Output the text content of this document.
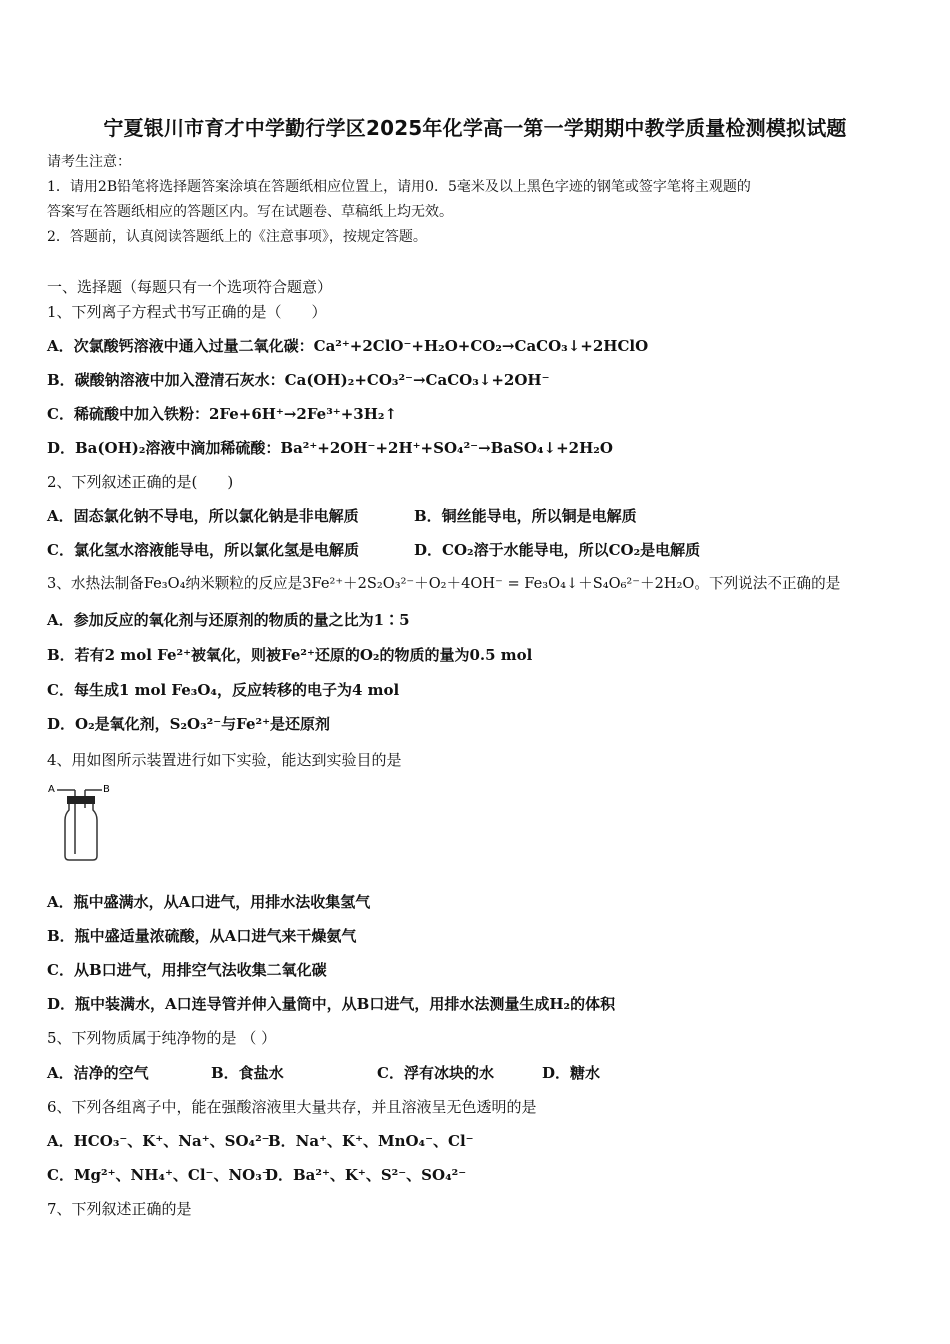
宁夏银川市育才中学勤行学区2025年化学高一第一学期期中教学质量检测模拟试题
请考生注意：
1．请用2B铅笔将选择题答案涂填在答题纸相应位置上，请用0．5毫米及以上黑色字迹的钢笔或签字笔将主观题的
答案写在答题纸相应的答题区内。写在试题卷、草稿纸上均无效。
2．答题前，认真阅读答题纸上的《注意事项》，按规定答题。
一、选择题（每题只有一个选项符合题意）
1、下列离子方程式书写正确的是（　　）
A．次氯酸钙溶液中通入过量二氧化碳：Ca²⁺+2ClO⁻+H₂O+CO₂→CaCO₃↓+2HClO
B．碳酸钠溶液中加入澄清石灰水：Ca(OH)₂+CO₃²⁻→CaCO₃↓+2OH⁻
C．稀硫酸中加入铁粉：2Fe+6H⁺→2Fe³⁺+3H₂↑
D．Ba(OH)₂溶液中滴加稀硫酸：Ba²⁺+2OH⁻+2H⁺+SO₄²⁻→BaSO₄↓+2H₂O
2、下列叙述正确的是(　　)
A．固态氯化钠不导电，所以氯化钠是非电解质	B．铜丝能导电，所以铜是电解质
C．氯化氢水溶液能导电，所以氯化氢是电解质	D．CO₂溶于水能导电，所以CO₂是电解质
3、水热法制备Fe₃O₄纳米颗粒的反应是3Fe²⁺＋2S₂O₃²⁻＋O₂＋4OH⁻ = Fe₃O₄↓＋S₄O₆²⁻＋2H₂O。下列说法不正确的是
A．参加反应的氧化剂与还原剂的物质的量之比为1∶5
B．若有2 mol Fe²⁺被氧化，则被Fe²⁺还原的O₂的物质的量为0.5 mol
C．每生成1 mol Fe₃O₄，反应转移的电子为4 mol
D．O₂是氧化剂，S₂O₃²⁻与Fe²⁺是还原剂
4、用如图所示装置进行如下实验，能达到实验目的是
A	B
A．瓶中盛满水，从A口进气，用排水法收集氢气
B．瓶中盛适量浓硫酸，从A口进气来干燥氨气
C．从B口进气，用排空气法收集二氧化碳
D．瓶中装满水，A口连导管并伸入量筒中，从B口进气，用排水法测量生成H₂的体积
5、下列物质属于纯净物的是 （ ）
A．洁净的空气	B．食盐水	C．浮有冰块的水	D．糖水
6、下列各组离子中，能在强酸溶液里大量共存，并且溶液呈无色透明的是
A．HCO₃⁻、K⁺、Na⁺、SO₄²⁻
B．Na⁺、K⁺、MnO₄⁻、Cl⁻
C．Mg²⁺、NH₄⁺、Cl⁻、NO₃⁻
D．Ba²⁺、K⁺、S²⁻、SO₄²⁻
7、下列叙述正确的是
